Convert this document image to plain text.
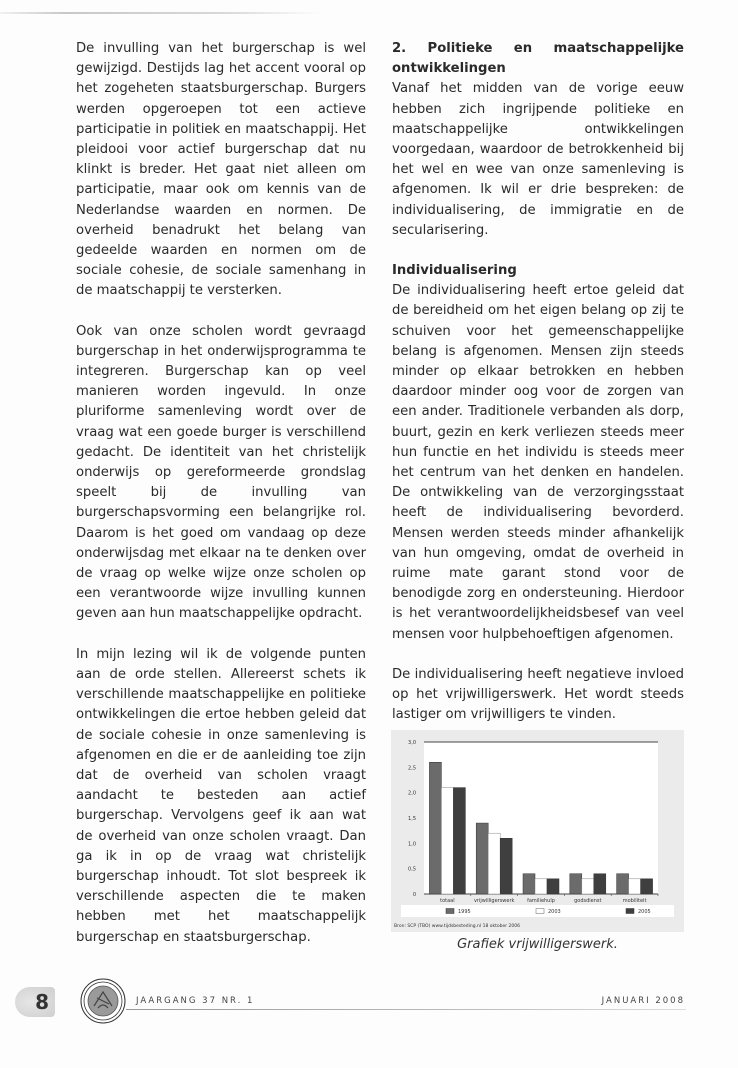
De invulling van het burgerschap is wel gewijzigd. Destijds lag het accent vooral op het zogeheten staatsburgerschap. Burgers werden opgeroepen tot een actieve participatie in politiek en maatschappij. Het pleidooi voor actief burgerschap dat nu klinkt is breder. Het gaat niet alleen om participatie, maar ook om kennis van de Nederlandse waarden en normen. De overheid benadrukt het belang van gedeelde waarden en normen om de sociale cohesie, de sociale samenhang in de maatschappij te versterken.

Ook van onze scholen wordt gevraagd burgerschap in het onderwijsprogramma te integreren. Burgerschap kan op veel manieren worden ingevuld. In onze pluriforme samenleving wordt over de vraag wat een goede burger is verschillend gedacht. De identiteit van het christelijk onderwijs op gereformeerde grondslag speelt bij de invulling van burgerschapsvorming een belangrijke rol. Daarom is het goed om vandaag op deze onderwijsdag met elkaar na te denken over de vraag op welke wijze onze scholen op een verantwoorde wijze invulling kunnen geven aan hun maatschappelijke opdracht.

In mijn lezing wil ik de volgende punten aan de orde stellen. Allereerst schets ik verschillende maatschappelijke en politieke ontwikkelingen die ertoe hebben geleid dat de sociale cohesie in onze samenleving is afgenomen en die er de aanleiding toe zijn dat de overheid van scholen vraagt aandacht te besteden aan actief burgerschap. Vervolgens geef ik aan wat de overheid van onze scholen vraagt. Dan ga ik in op de vraag wat christelijk burgerschap inhoudt. Tot slot bespreek ik verschillende aspecten die te maken hebben met het maatschappelijk burgerschap en staatsburgerschap.

2. Politieke en maatschappelijke ontwikkelingen

Vanaf het midden van de vorige eeuw hebben zich ingrijpende politieke en maatschappelijke ontwikkelingen voorgedaan, waardoor de betrokkenheid bij het wel en wee van onze samenleving is afgenomen. Ik wil er drie bespreken: de individualisering, de immigratie en de secularisering.

Individualisering

De individualisering heeft ertoe geleid dat de bereidheid om het eigen belang op zij te schuiven voor het gemeenschappelijke belang is afgenomen. Mensen zijn steeds minder op elkaar betrokken en hebben daardoor minder oog voor de zorgen van een ander. Traditionele verbanden als dorp, buurt, gezin en kerk verliezen steeds meer hun functie en het individu is steeds meer het centrum van het denken en handelen. De ontwikkeling van de verzorgingsstaat heeft de individualisering bevorderd. Mensen werden steeds minder afhankelijk van hun omgeving, omdat de overheid in ruime mate garant stond voor de benodigde zorg en ondersteuning. Hierdoor is het verantwoordelijkheidsbesef van veel mensen voor hulpbehoeftigen afgenomen.

De individualisering heeft negatieve invloed op het vrijwilligerswerk. Het wordt steeds lastiger om vrijwilligers te vinden.

0
0,5
1,0
1,5
2,0
2,5
3,0
totaal	vrijwilligerswerk	familiehulp	godsdienst	mobiliteit
1995	2003	2005
Bron: SCP (TBO) www.tijdsbesteding.nl 18 oktober 2006
Grafiek vrijwilligerswerk.
8	JAARGANG 37 NR. 1	JANUARI 2008
